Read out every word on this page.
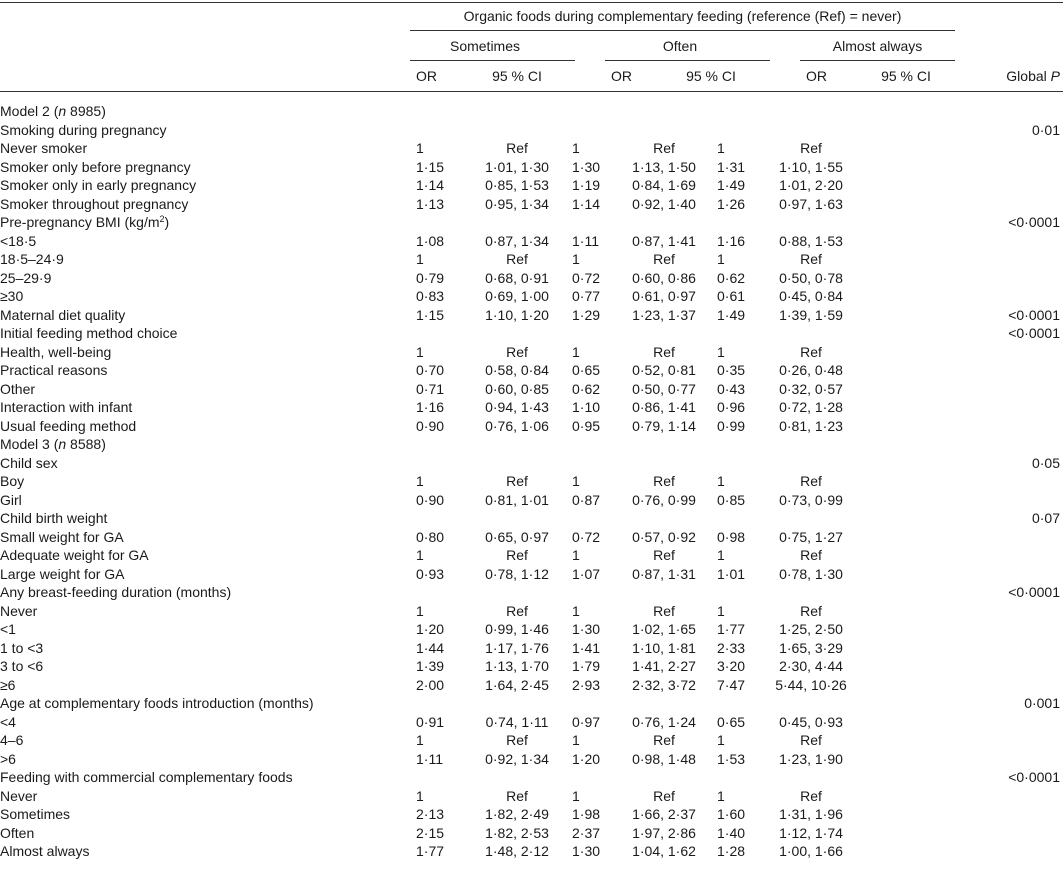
Organic foods during complementary feeding (reference (Ref) = never)
Sometimes	Often	Almost always
OR	95 % CI	OR	95 % CI	OR	95 % CI	Global P
Model 2 (n 8985)							
Smoking during pregnancy							0·01
Never smoker	1	Ref	1	Ref	1	Ref	
Smoker only before pregnancy	1·15	1·01, 1·30	1·30	1·13, 1·50	1·31	1·10, 1·55	
Smoker only in early pregnancy	1·14	0·85, 1·53	1·19	0·84, 1·69	1·49	1·01, 2·20	
Smoker throughout pregnancy	1·13	0·95, 1·34	1·14	0·92, 1·40	1·26	0·97, 1·63	
Pre-pregnancy BMI $(kg/m^2)$							<0·0001
<18·5	1·08	0·87, 1·34	1·11	0·87, 1·41	1·16	0·88, 1·53	
18·5–24·9	1	Ref	1	Ref	1	Ref	
25–29·9	0·79	0·68, 0·91	0·72	0·60, 0·86	0·62	0·50, 0·78	
≥30	0·83	0·69, 1·00	0·77	0·61, 0·97	0·61	0·45, 0·84	
Maternal diet quality	1·15	1·10, 1·20	1·29	1·23, 1·37	1·49	1·39, 1·59	<0·0001
Initial feeding method choice							<0·0001
Health, well-being	1	Ref	1	Ref	1	Ref	
Practical reasons	0·70	0·58, 0·84	0·65	0·52, 0·81	0·35	0·26, 0·48	
Other	0·71	0·60, 0·85	0·62	0·50, 0·77	0·43	0·32, 0·57	
Interaction with infant	1·16	0·94, 1·43	1·10	0·86, 1·41	0·96	0·72, 1·28	
Usual feeding method	0·90	0·76, 1·06	0·95	0·79, 1·14	0·99	0·81, 1·23	
Model 3 (n 8588)							
Child sex							0·05
Boy	1	Ref	1	Ref	1	Ref	
Girl	0·90	0·81, 1·01	0·87	0·76, 0·99	0·85	0·73, 0·99	
Child birth weight							0·07
Small weight for GA	0·80	0·65, 0·97	0·72	0·57, 0·92	0·98	0·75, 1·27	
Adequate weight for GA	1	Ref	1	Ref	1	Ref	
Large weight for GA	0·93	0·78, 1·12	1·07	0·87, 1·31	1·01	0·78, 1·30	
Any breast-feeding duration (months)							<0·0001
Never	1	Ref	1	Ref	1	Ref	
<1	1·20	0·99, 1·46	1·30	1·02, 1·65	1·77	1·25, 2·50	
1 to <3	1·44	1·17, 1·76	1·41	1·10, 1·81	2·33	1·65, 3·29	
3 to <6	1·39	1·13, 1·70	1·79	1·41, 2·27	3·20	2·30, 4·44	
≥6	2·00	1·64, 2·45	2·93	2·32, 3·72	7·47	5·44, 10·26	
Age at complementary foods introduction (months)							0·001
<4	0·91	0·74, 1·11	0·97	0·76, 1·24	0·65	0·45, 0·93	
4–6	1	Ref	1	Ref	1	Ref	
>6	1·11	0·92, 1·34	1·20	0·98, 1·48	1·53	1·23, 1·90	
Feeding with commercial complementary foods							<0·0001
Never	1	Ref	1	Ref	1	Ref	
Sometimes	2·13	1·82, 2·49	1·98	1·66, 2·37	1·60	1·31, 1·96	
Often	2·15	1·82, 2·53	2·37	1·97, 2·86	1·40	1·12, 1·74	
Almost always	1·77	1·48, 2·12	1·30	1·04, 1·62	1·28	1·00, 1·66	
